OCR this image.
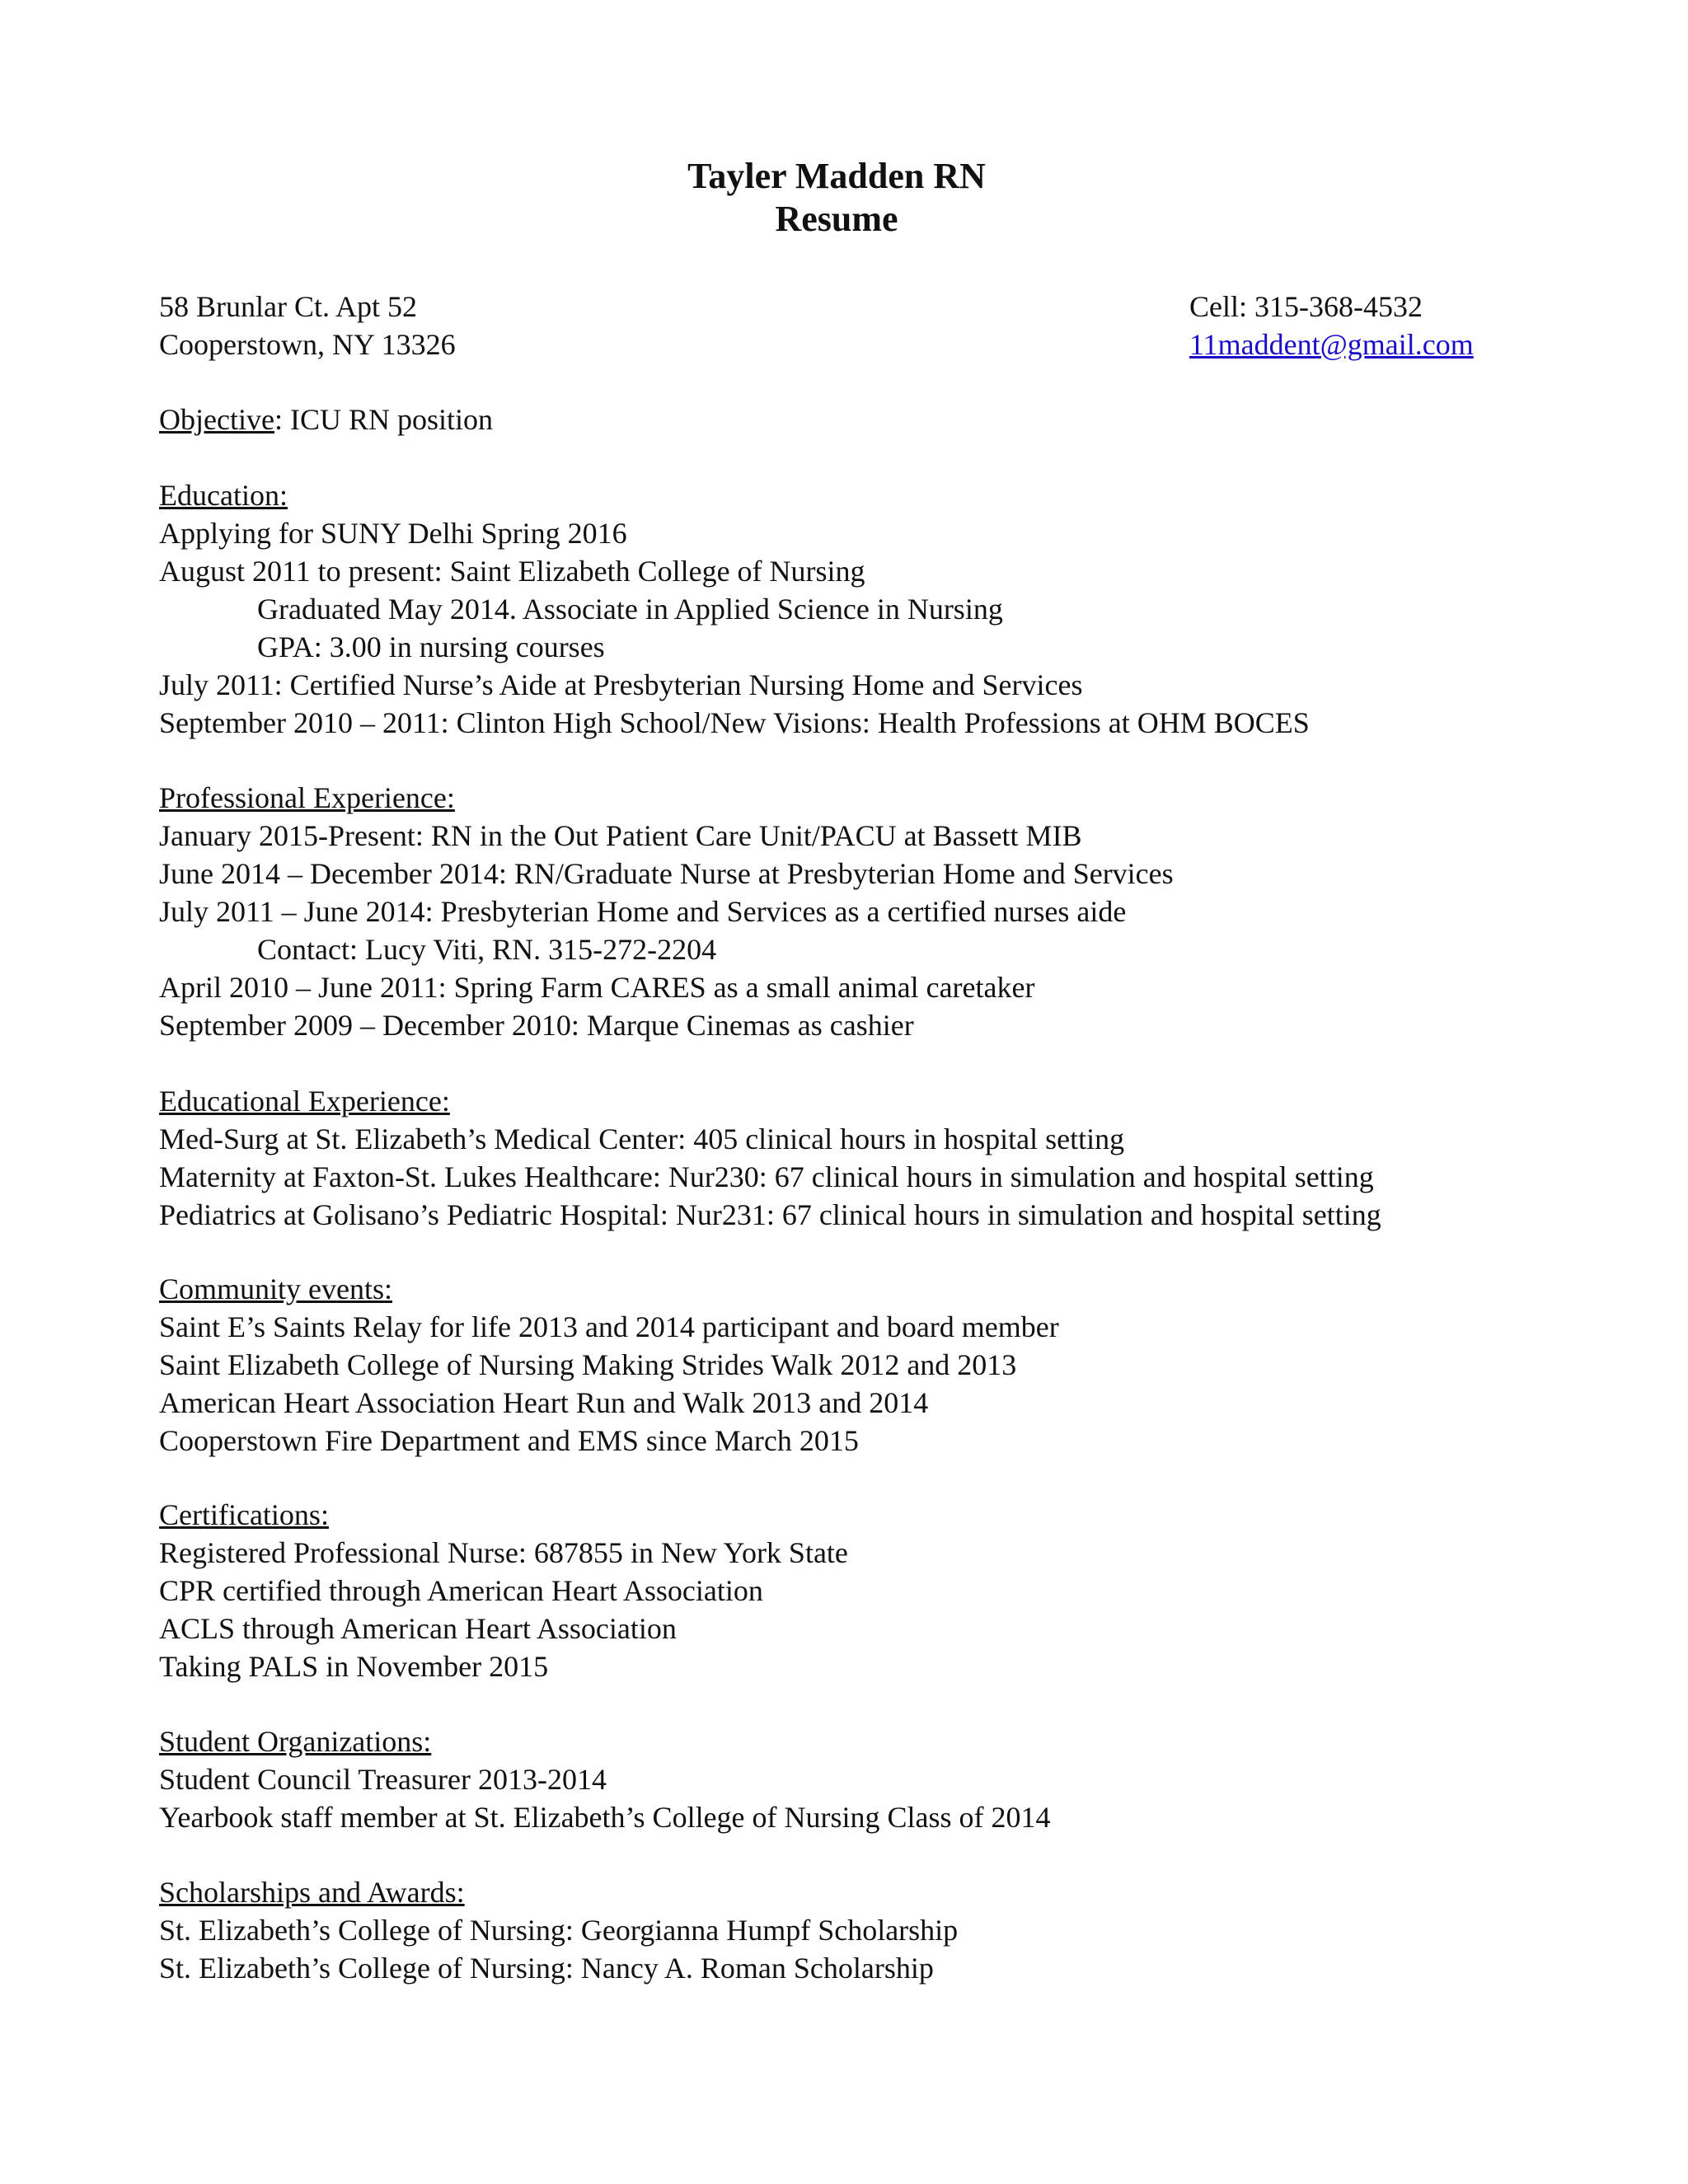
Tayler Madden RN
Resume
58 Brunlar Ct. Apt 52
Cooperstown, NY 13326
Cell: 315-368-4532
11maddent@gmail.com
Objective: ICU RN position
Education:
Applying for SUNY Delhi Spring 2016
August 2011 to present: Saint Elizabeth College of Nursing
Graduated May 2014. Associate in Applied Science in Nursing
GPA: 3.00 in nursing courses
July 2011: Certified Nurse’s Aide at Presbyterian Nursing Home and Services
September 2010 – 2011: Clinton High School/New Visions: Health Professions at OHM BOCES
Professional Experience:
January 2015-Present: RN in the Out Patient Care Unit/PACU at Bassett MIB
June 2014 – December 2014: RN/Graduate Nurse at Presbyterian Home and Services
July 2011 – June 2014: Presbyterian Home and Services as a certified nurses aide
Contact: Lucy Viti, RN. 315-272-2204
April 2010 – June 2011: Spring Farm CARES as a small animal caretaker
September 2009 – December 2010: Marque Cinemas as cashier
Educational Experience:
Med-Surg at St. Elizabeth’s Medical Center: 405 clinical hours in hospital setting
Maternity at Faxton-St. Lukes Healthcare: Nur230: 67 clinical hours in simulation and hospital setting
Pediatrics at Golisano’s Pediatric Hospital: Nur231: 67 clinical hours in simulation and hospital setting
Community events:
Saint E’s Saints Relay for life 2013 and 2014 participant and board member
Saint Elizabeth College of Nursing Making Strides Walk 2012 and 2013
American Heart Association Heart Run and Walk 2013 and 2014
Cooperstown Fire Department and EMS since March 2015
Certifications:
Registered Professional Nurse: 687855 in New York State
CPR certified through American Heart Association
ACLS through American Heart Association
Taking PALS in November 2015
Student Organizations:
Student Council Treasurer 2013-2014
Yearbook staff member at St. Elizabeth’s College of Nursing Class of 2014
Scholarships and Awards:
St. Elizabeth’s College of Nursing: Georgianna Humpf Scholarship
St. Elizabeth’s College of Nursing: Nancy A. Roman Scholarship
